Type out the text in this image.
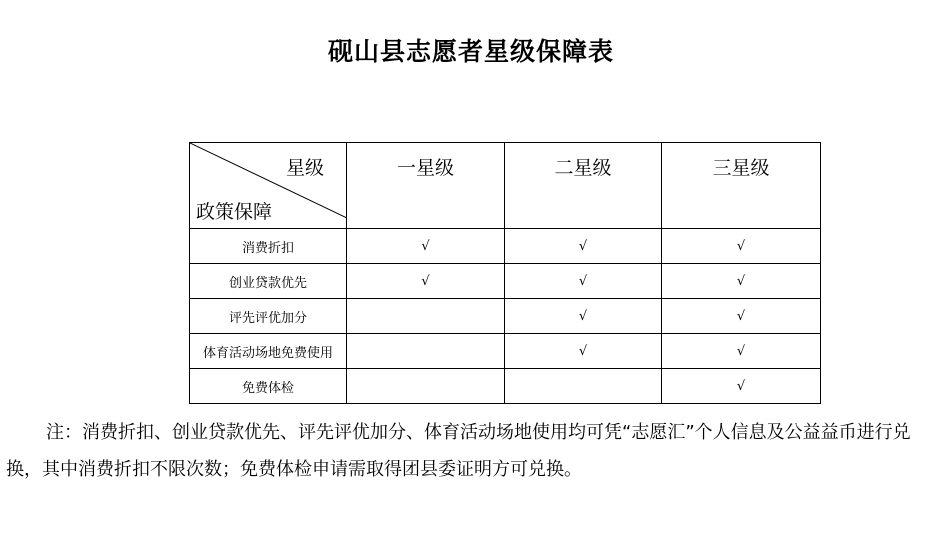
砚山县志愿者星级保障表
星级
政策保障	一星级	二星级	三星级
消费折扣	√	√	√
创业贷款优先	√	√	√
评先评优加分		√	√
体育活动场地免费使用		√	√
免费体检			√
注：消费折扣、创业贷款优先、评先评优加分、体育活动场地使用均可凭“志愿汇”个人信息及公益益币进行兑换，其中消费折扣不限次数；免费体检申请需取得团县委证明方可兑换。
